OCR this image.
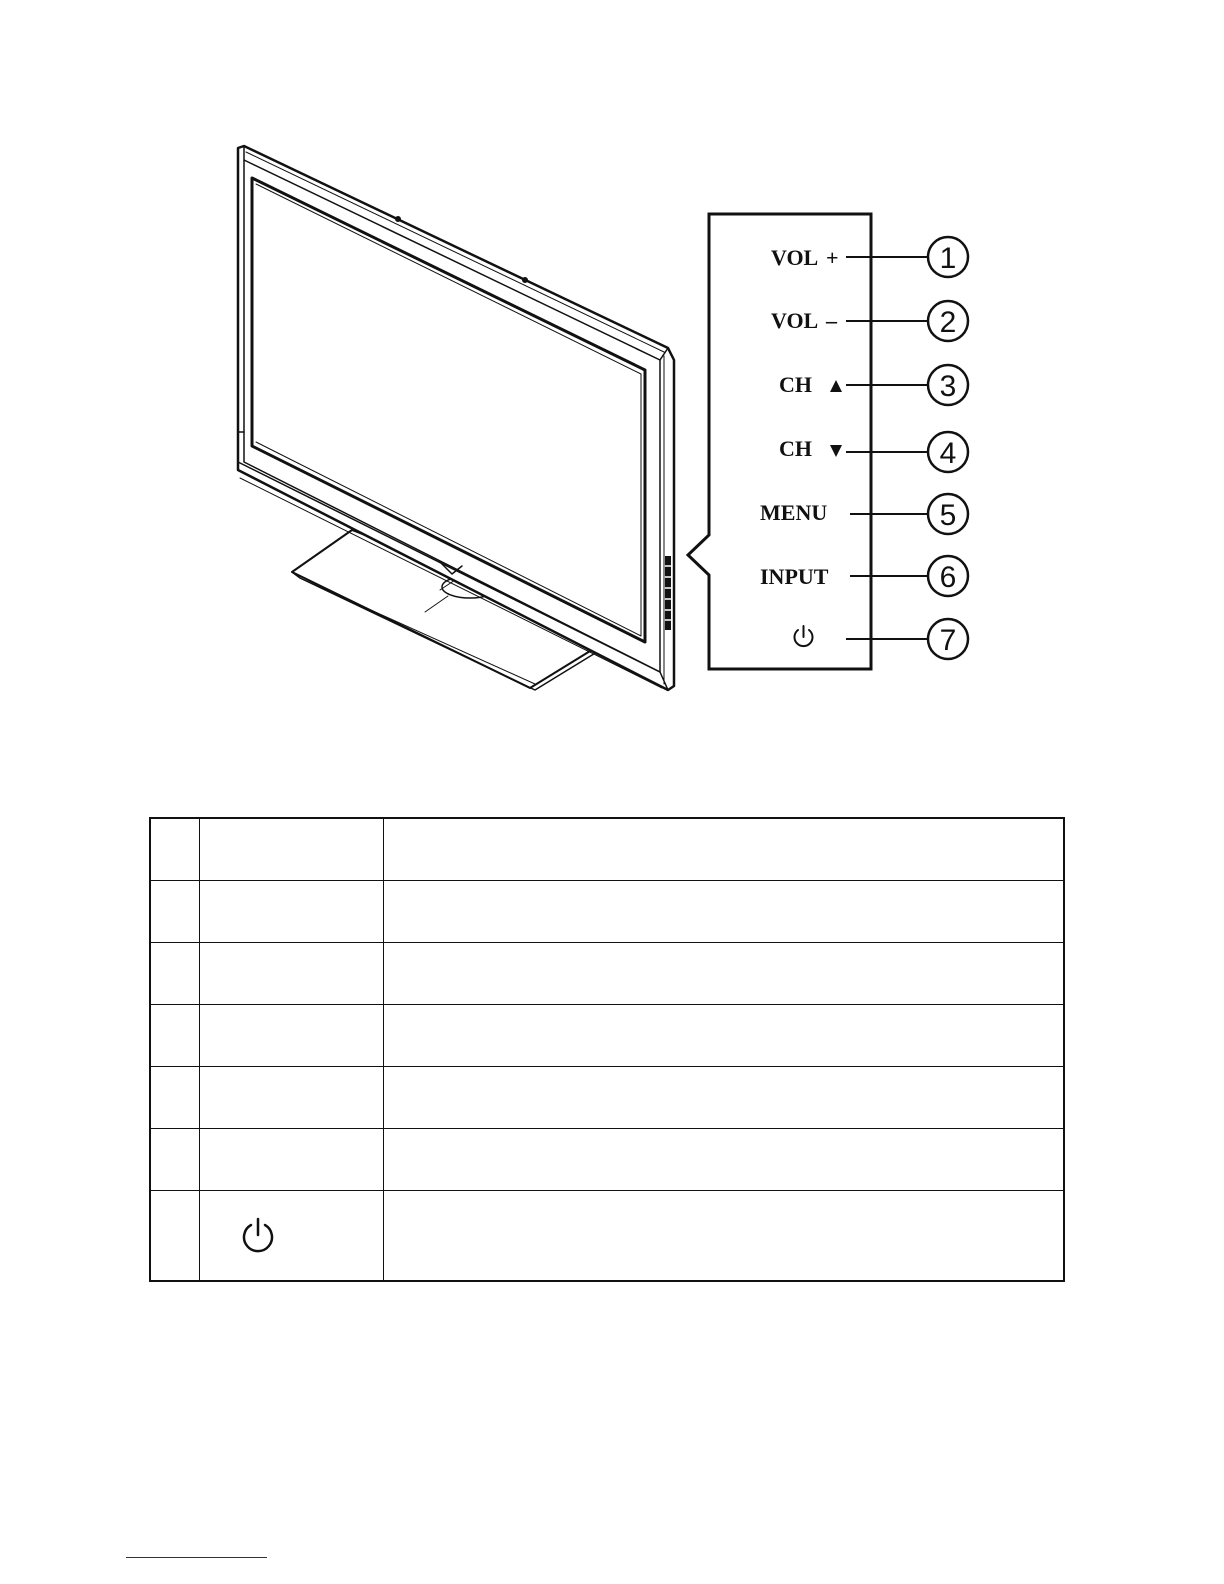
VOL +	1
VOL –	2
CH	3
CH	4
MENU	5
INPUT	6
7
